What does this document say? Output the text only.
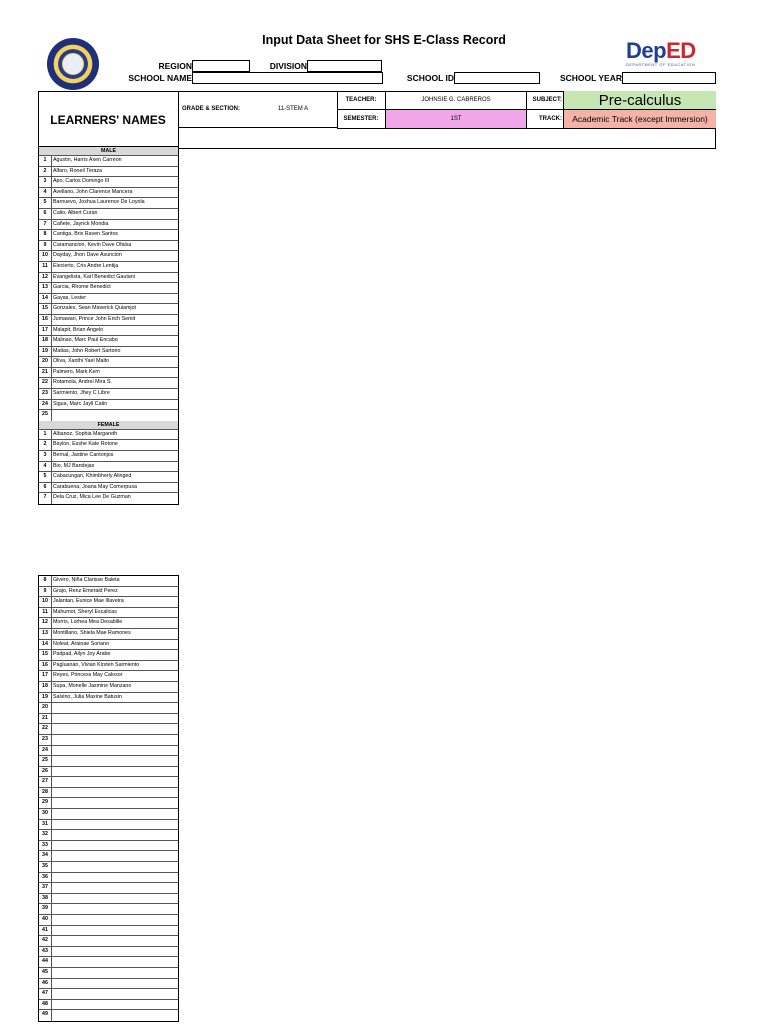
Input Data Sheet for SHS E-Class Record	DepED
DEPARTMENT OF EDUCATION
REGION	DIVISION
SCHOOL NAME	SCHOOL ID	SCHOOL YEAR
LEARNERS' NAMES
GRADE & SECTION:	11-STEM A
TEACHER:	JOHNSIE G. CABREROS	SUBJECT:	Pre-calculus
SEMESTER:	1ST	TRACK:	Academic Track (except Immersion)
MALE
1	Agustin, Harris Axen Carreon
2	Alfaro, Roneil Teraza
3	Apo, Carlos Domingo III
4	Avellano, John Clarence Mancera
5	Barnuevo, Joshua Laurence De Loyola
6	Calio, Albert Curan
7	Cañete, Jayrick Mondia
8	Cantiga, Brix Raven Santos
9	Caramancion, Kevin Dave Ofalsa
10 Dayday, Jhon Dave Asuncion
11 Eleciertо, Cris Andre Lentija
12 Evangelista, Karl Benedict Gautani
13 Garcia, Rhome Benedict
14 Gayas, Lester
15 Gonzales, Sean Maverick Quiamjot
16 Jumawan, Prince John Erich Semit
17 Malapit, Brian Angelo
18 Malinao, Marc Paul Encabo
19 Matias, John Robert Sartorio
20 Oliva, Xanthi Yael Malto
21 Palmero, Mark Kem
22 Rotamola, Andrei Mira S.
23 Sarmiento, Jhey C Libre
24 Sigua, Marc Jayll Catin
25
FEMALE
1	Albanoz, Sophia Margareth
2	Baylon, Esshe Kate Rotone
3	Bernal, Jastine Cantonjos
4	Bio, MJ Bandejas
5	Cabacungan, Khimbherly Alinged
6	Carabuena, Joana May Comerpusa
7	Dela Cruz, Mica Lee De Guzman
8	Givero, Niña Clarisse Baleta
9	Grajo, Renz Emerald Perez
10 Jalantan, Eunice Mae Illaveira
11 Mahumot, Sheryl Escalicas
12 Morris, Lorhea Mea Desabille
13 Montillano, Shiela Mae Ramones
14 Noleat, Arainae Soriano
15 Padpad, Ailyn Joy Arabe
16 Pagluanan, Vivian Kirsten Sarmiento
17 Reyes, Princess May Calosor
18 Supa, Monelle Jasmine Manzano
19 Salvino, Julia Maxine Batusin
20
21
22
23
24
25
26
27
28
29
30
31
32
33
34
35
36
37
38
39
40
41
42
43
44
45
46
47
48
49
